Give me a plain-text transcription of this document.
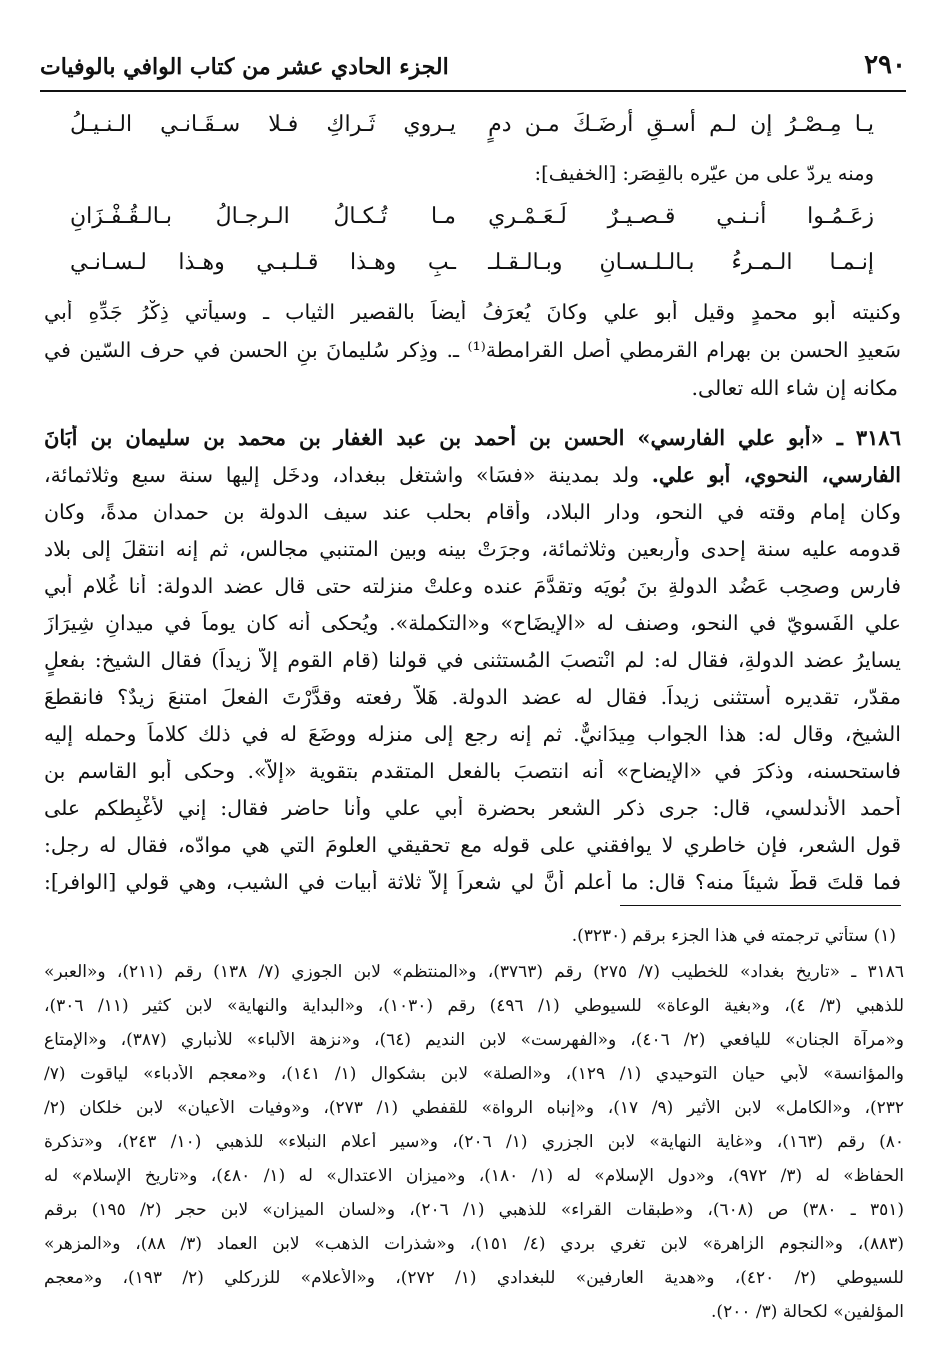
٢٩٠
الجزء الحادي عشر من كتاب الوافي بالوفيات
يـا مِـصْـرُ إن لـم أسـقِ أرضَـكَ مـن دمٍ
يـروي ثَـراكِ فـلا سـقَـانـي الـنـيـلُ
ومنه يردّ على من عيّره بالقِصَر: [الخفيف]:
زعَـمُـوا أنـنـي قـصـيـرٌ لَـعَـمْـري
مـا تُـكـالُ الـرجـالُ بـالـقُـفْـزَانِ
إنـمـا الـمـرءُ بـالـلـسـانِ وبـالـقـلـ
ـبِ وهـذا قـلـبـي وهـذا لـسـانـي
وكنيته أبو محمدٍ وقيل أبو علي وكانَ يُعرَفُ أيضاً بالقصير الثياب ـ وسيأتي ذِكْرُ جَدِّهِ أبي
سَعيدِ الحسن بن بهرام القرمطي أصل القرامطة⁽¹⁾ ـ. وذِكر سُليمانَ بنِ الحسن في حرف السّين في
مكانه إن شاء الله تعالى.
٣١٨٦ ـ «أبو علي الفارسي» الحسن بن أحمد بن عبد الغفار بن محمد بن سليمان بن أبَانَ
الفارسي، النحوي، أبو علي. ولد بمدينة «فسَا» واشتغل ببغداد، ودخَل إليها سنة سبع وثلاثمائة،
وكان إمام وقته في النحو، ودار البلاد، وأقام بحلب عند سيف الدولة بن حمدان مدةً، وكان
قدومه عليه سنة إحدى وأربعين وثلاثمائة، وجرَتْ بينه وبين المتنبي مجالس، ثم إنه انتقلَ إلى بلاد
فارس وصحِب عَضُد الدولةِ بنَ بُويَه وتقدَّمَ عنده وعلتْ منزلته حتى قال عضد الدولة: أنا غُلام أبي
علي الفَسويّ في النحو، وصنف له «الإيضَاح» و«التكملة». ويُحكى أنه كان يوماً في ميدانِ شِيرَازَ
يسايرُ عضد الدولةِ، فقال له: لم انْتصبَ المُستثنى في قولنا (قام القوم إلاّ زيداً) فقال الشيخ: بفعلٍ
مقدّر، تقديره أستثنى زيداً. فقال له عضد الدولة. هَلاّ رفعته وقدَّرْتَ الفعلَ امتنعَ زيدٌ؟ فانقطعَ
الشيخ، وقال له: هذا الجواب مِيدَانيٌّ. ثم إنه رجع إلى منزله ووضَعَ له في ذلك كلاماً وحمله إليه
فاستحسنه، وذكرَ في «الإيضاح» أنه انتصبَ بالفعل المتقدم بتقوية «إلاّ». وحكى أبو القاسم بن
أحمد الأندلسي، قال: جرى ذكر الشعر بحضرة أبي علي وأنا حاضر فقال: إني لأغْبِطكم على
قول الشعر، فإن خاطري لا يوافقني على قوله مع تحقيقي العلومَ التي هي موادّه، فقال له رجل:
فما قلتَ قطُّ شيئاً منه؟ قال: ما أعلم أنَّ لي شعراً إلاّ ثلاثة أبيات في الشيب، وهي قولي [الوافر]:
(١) ستأتي ترجمته في هذا الجزء برقم (٣٢٣٠).
٣١٨٦ ـ «تاريخ بغداد» للخطيب (٧/ ٢٧٥) رقم (٣٧٦٣)، و«المنتظم» لابن الجوزي (٧/ ١٣٨) رقم (٢١١)، و«العبر»
للذهبي (٣/ ٤)، و«بغية الوعاة» للسيوطي (١/ ٤٩٦) رقم (١٠٣٠)، و«البداية والنهاية» لابن كثير (١١/ ٣٠٦)،
و«مرآة الجنان» لليافعي (٢/ ٤٠٦)، و«الفهرست» لابن النديم (٦٤)، و«نزهة الألباء» للأنباري (٣٨٧)، و«الإمتاع
والمؤانسة» لأبي حيان التوحيدي (١/ ١٢٩)، و«الصلة» لابن بشكوال (١/ ١٤١)، و«معجم الأدباء» لياقوت (٧/
٢٣٢)، و«الكامل» لابن الأثير (٩/ ١٧)، و«إنباه الرواة» للقفطي (١/ ٢٧٣)، و«وفيات الأعيان» لابن خلكان (٢/
٨٠) رقم (١٦٣)، و«غاية النهاية» لابن الجزري (١/ ٢٠٦)، و«سير أعلام النبلاء» للذهبي (١٠/ ٢٤٣)، و«تذكرة
الحفاظ» له (٣/ ٩٧٢)، و«دول الإسلام» له (١/ ١٨٠)، و«ميزان الاعتدال» له (١/ ٤٨٠)، و«تاريخ الإسلام» له
(٣٥١ ـ ٣٨٠) ص (٦٠٨)، و«طبقات القراء» للذهبي (١/ ٢٠٦)، و«لسان الميزان» لابن حجر (٢/ ١٩٥) برقم
(٨٨٣)، و«النجوم الزاهرة» لابن تغري بردي (٤/ ١٥١)، و«شذرات الذهب» لابن العماد (٣/ ٨٨)، و«المزهر»
للسيوطي (٢/ ٤٢٠)، و«هدية العارفين» للبغدادي (١/ ٢٧٢)، و«الأعلام» للزركلي (٢/ ١٩٣)، و«معجم
المؤلفين» لكحالة (٣/ ٢٠٠).
